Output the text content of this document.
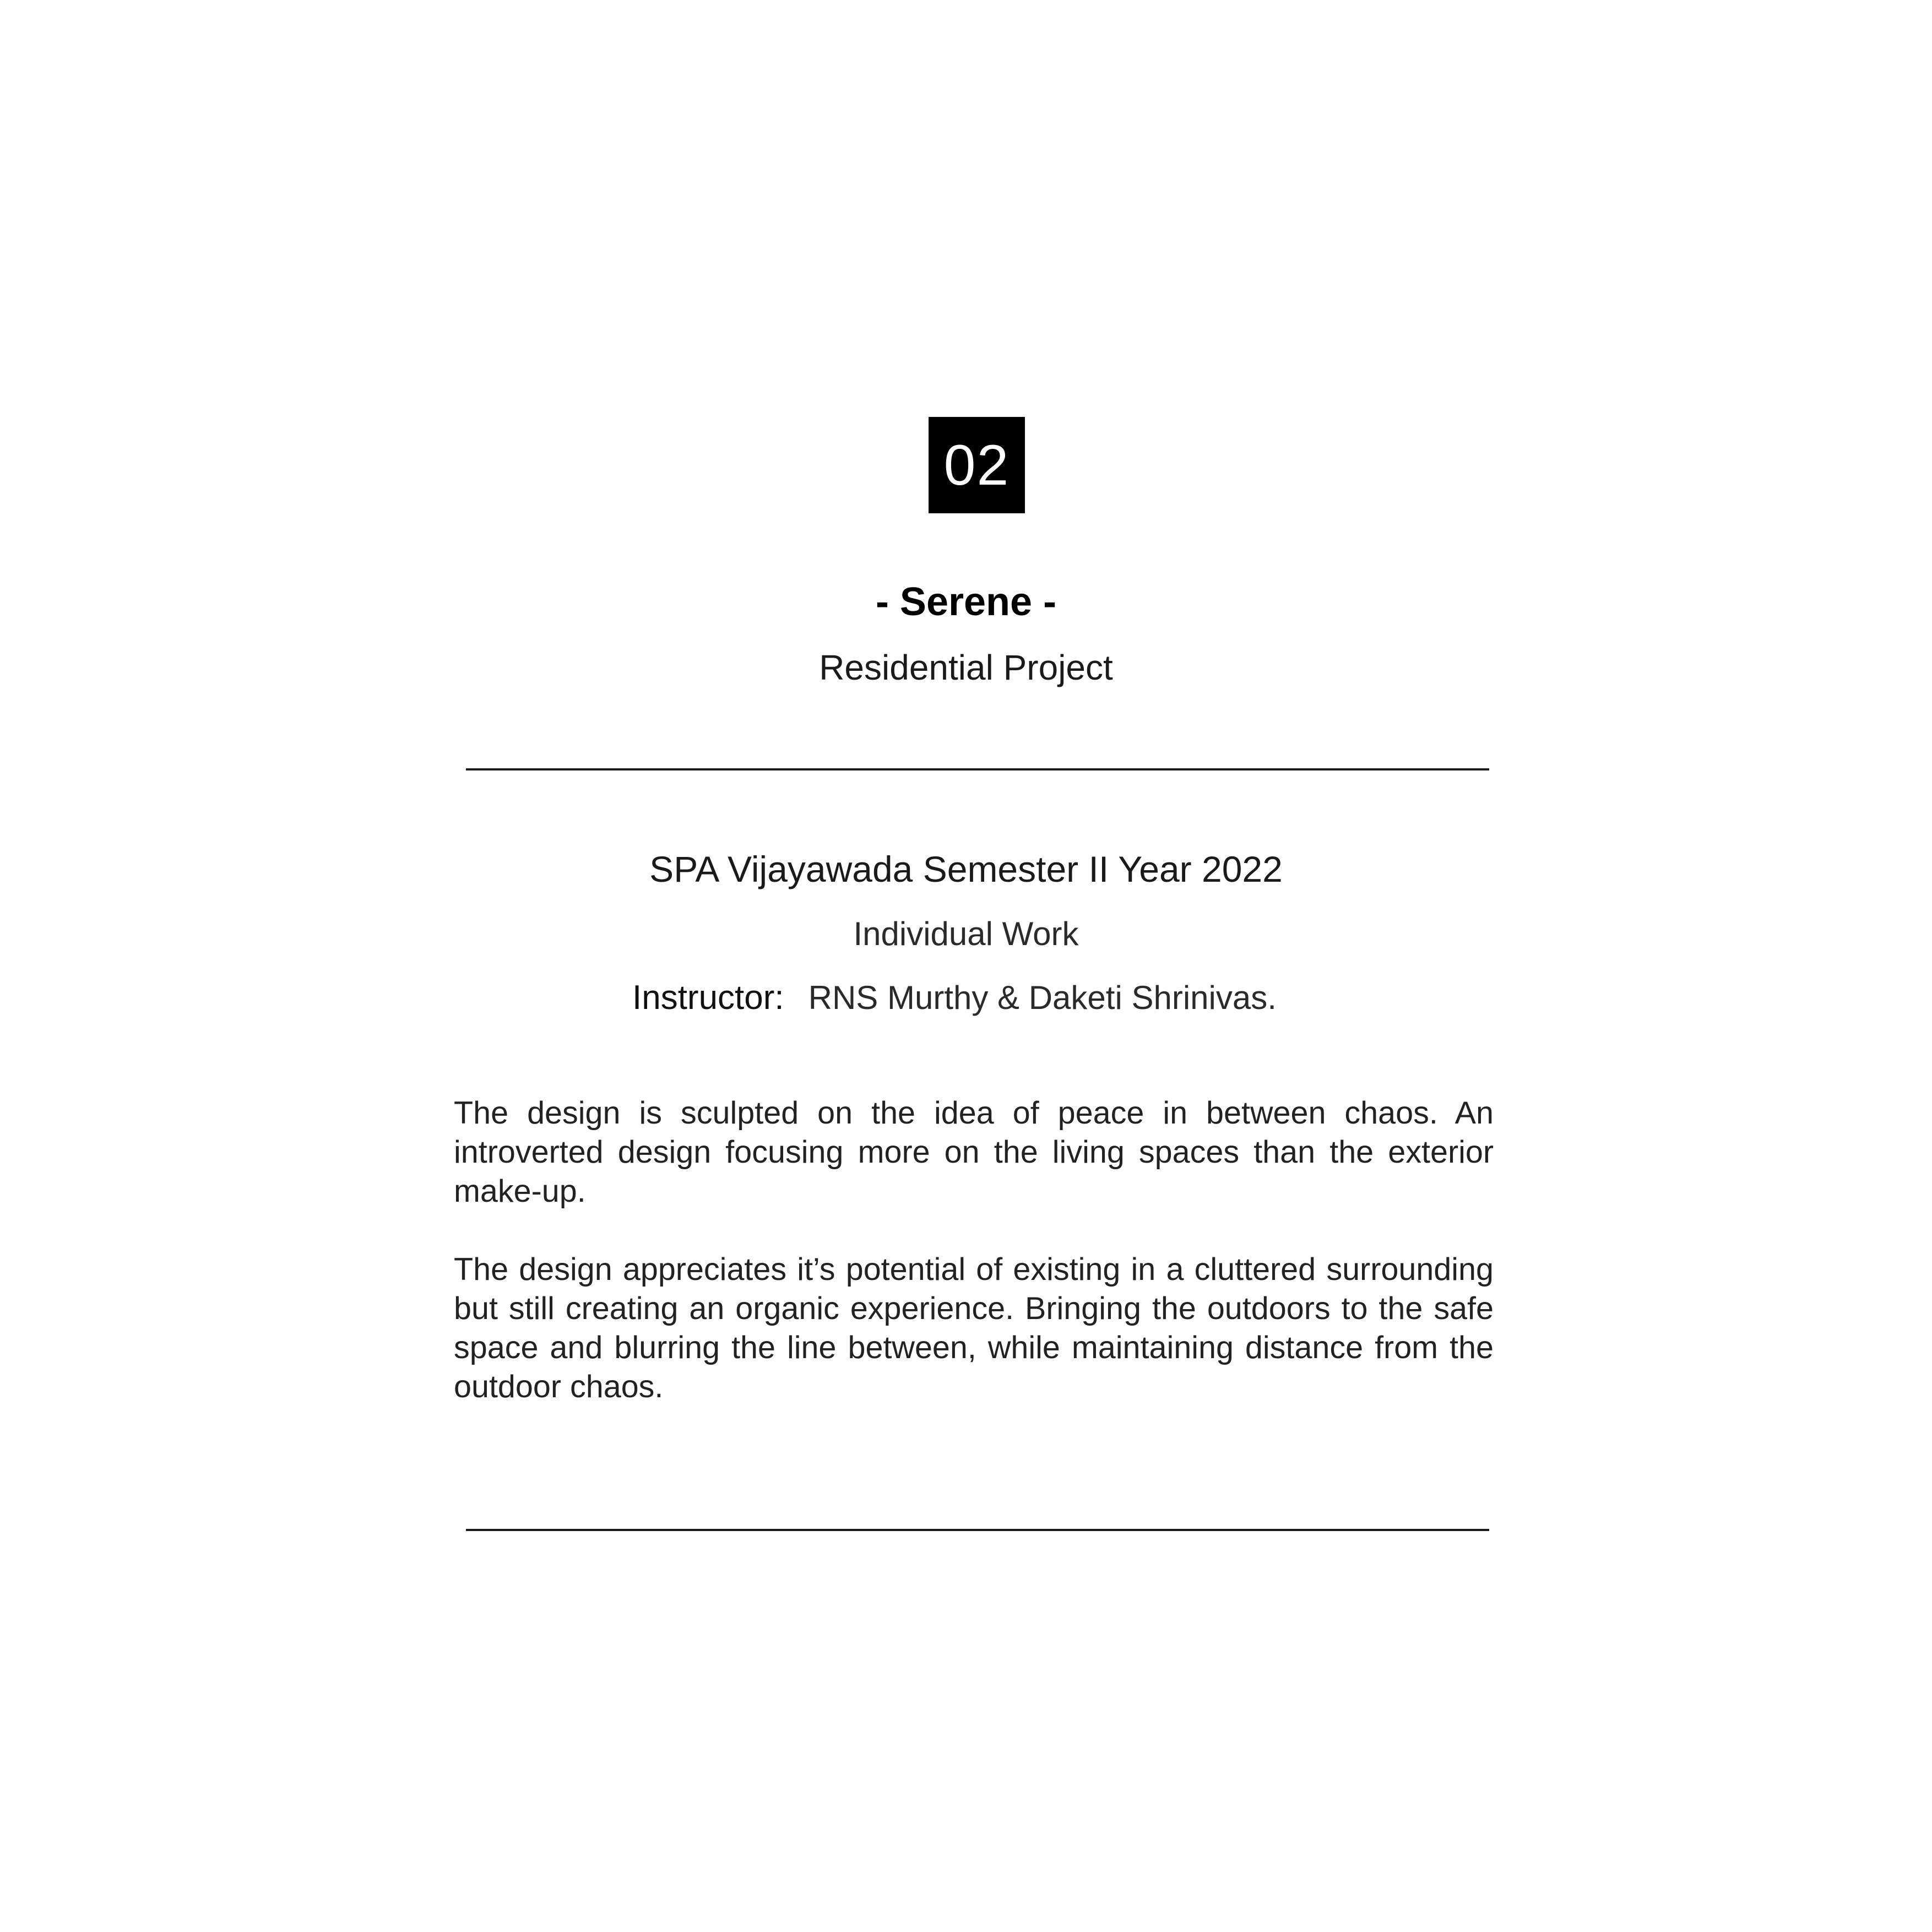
02
- Serene -
Residential Project
SPA Vijayawada Semester II Year 2022
Individual Work
Instructor: RNS Murthy & Daketi Shrinivas.

The design is sculpted on the idea of peace in between chaos. An introverted design focusing more on the living spaces than the exterior make-up.

The design appreciates it’s potential of existing in a cluttered surrounding but still creating an organic experience. Bringing the outdoors to the safe space and blurring the line between, while maintaining distance from the outdoor chaos.
